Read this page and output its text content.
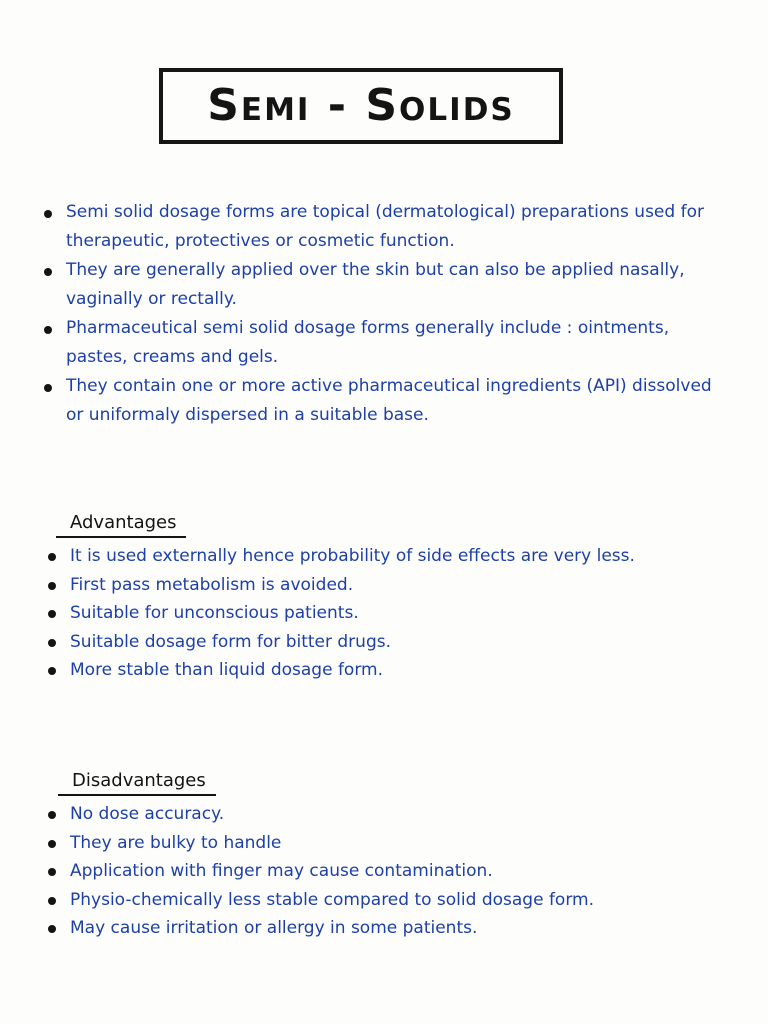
Semi - Solids
Semi solid dosage forms are topical (dermatological) preparations used for therapeutic, protectives or cosmetic function.
They are generally applied over the skin but can also be applied nasally, vaginally or rectally.
Pharmaceutical semi solid dosage forms generally include : ointments, pastes, creams and gels.
They contain one or more active pharmaceutical ingredients (API) dissolved or uniformaly dispersed in a suitable base.
Advantages
It is used externally hence probability of side effects are very less.
First pass metabolism is avoided.
Suitable for unconscious patients.
Suitable dosage form for bitter drugs.
More stable than liquid dosage form.
Disadvantages
No dose accuracy.
They are bulky to handle
Application with finger may cause contamination.
Physio-chemically less stable compared to solid dosage form.
May cause irritation or allergy in some patients.
